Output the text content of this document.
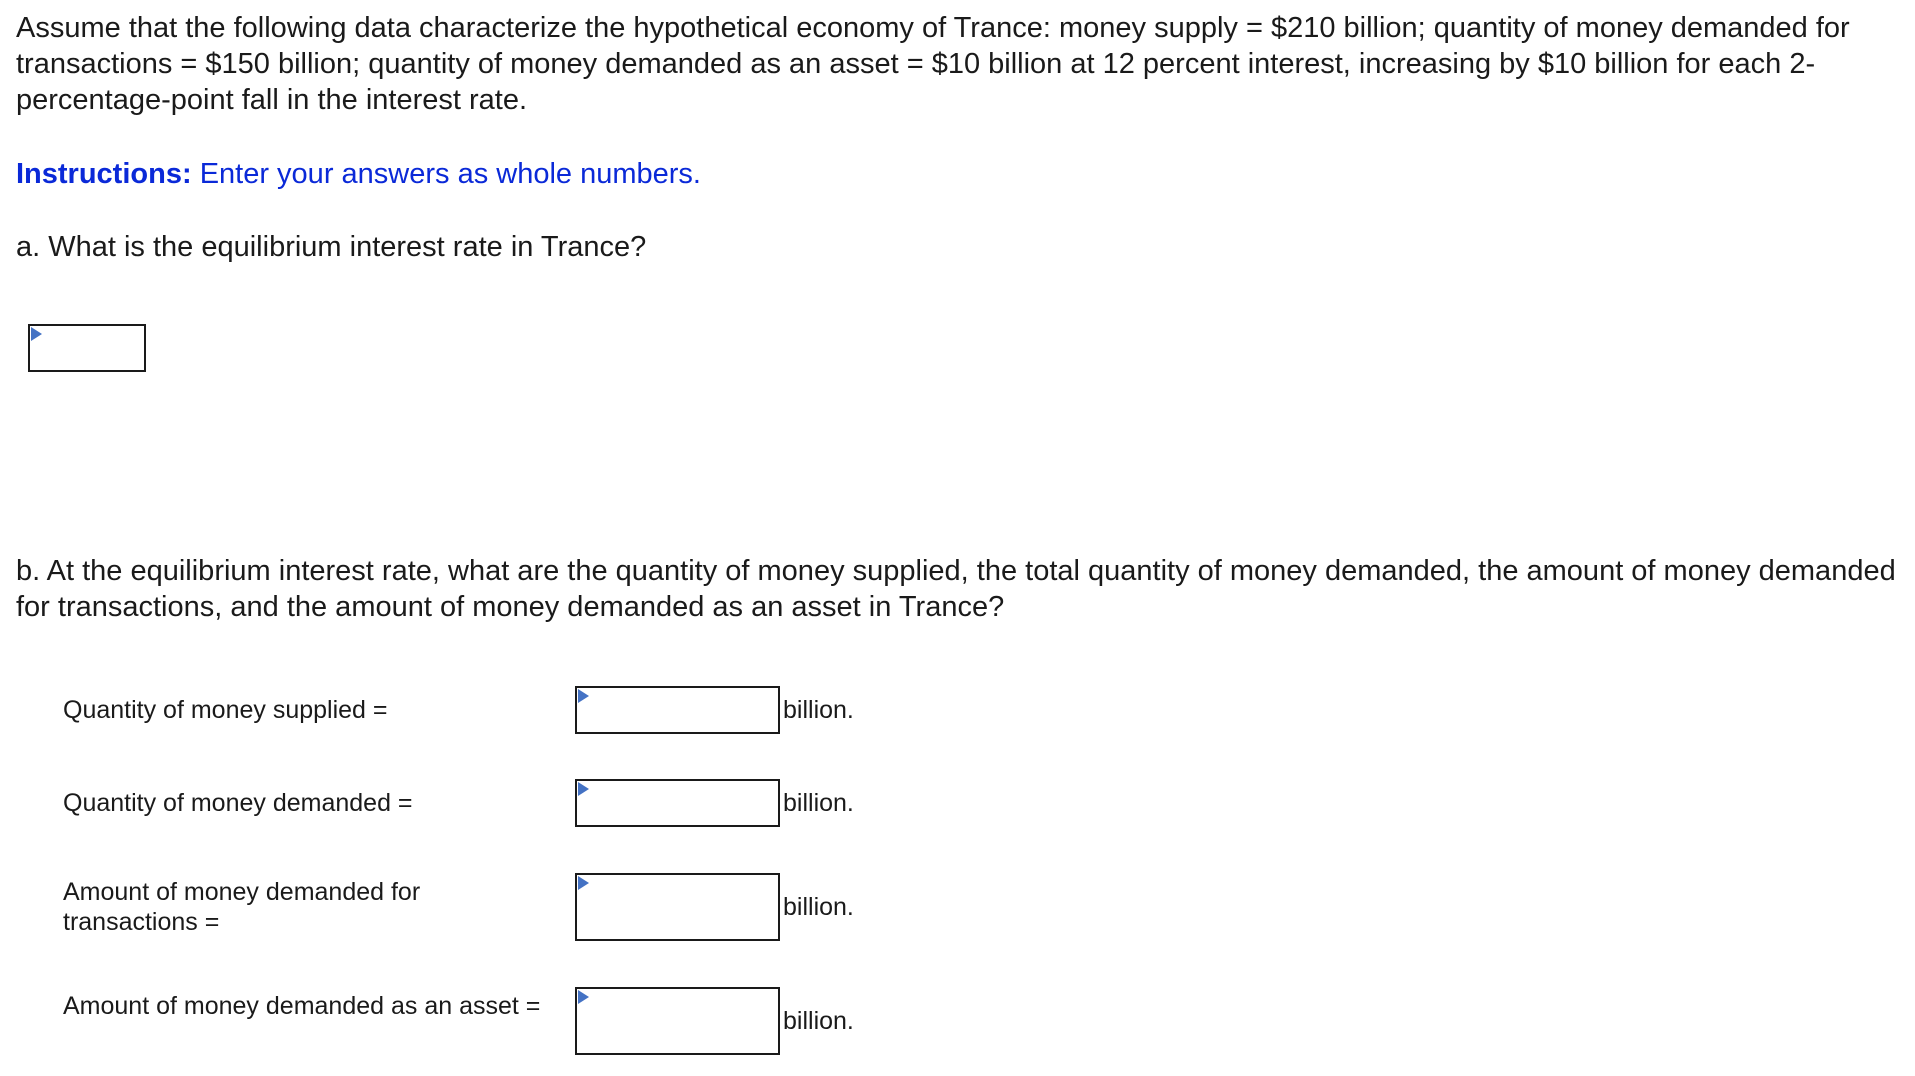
Assume that the following data characterize the hypothetical economy of Trance: money supply = $210 billion; quantity of money demanded for transactions = $150 billion; quantity of money demanded as an asset = $10 billion at 12 percent interest, increasing by $10 billion for each 2-percentage-point fall in the interest rate.

Instructions: Enter your answers as whole numbers.

a. What is the equilibrium interest rate in Trance?

b. At the equilibrium interest rate, what are the quantity of money supplied, the total quantity of money demanded, the amount of money demanded for transactions, and the amount of money demanded as an asset in Trance?

Quantity of money supplied =	billion.

Quantity of money demanded =	billion.

Amount of money demanded for transactions =

billion.

Amount of money demanded as an asset =

billion.
